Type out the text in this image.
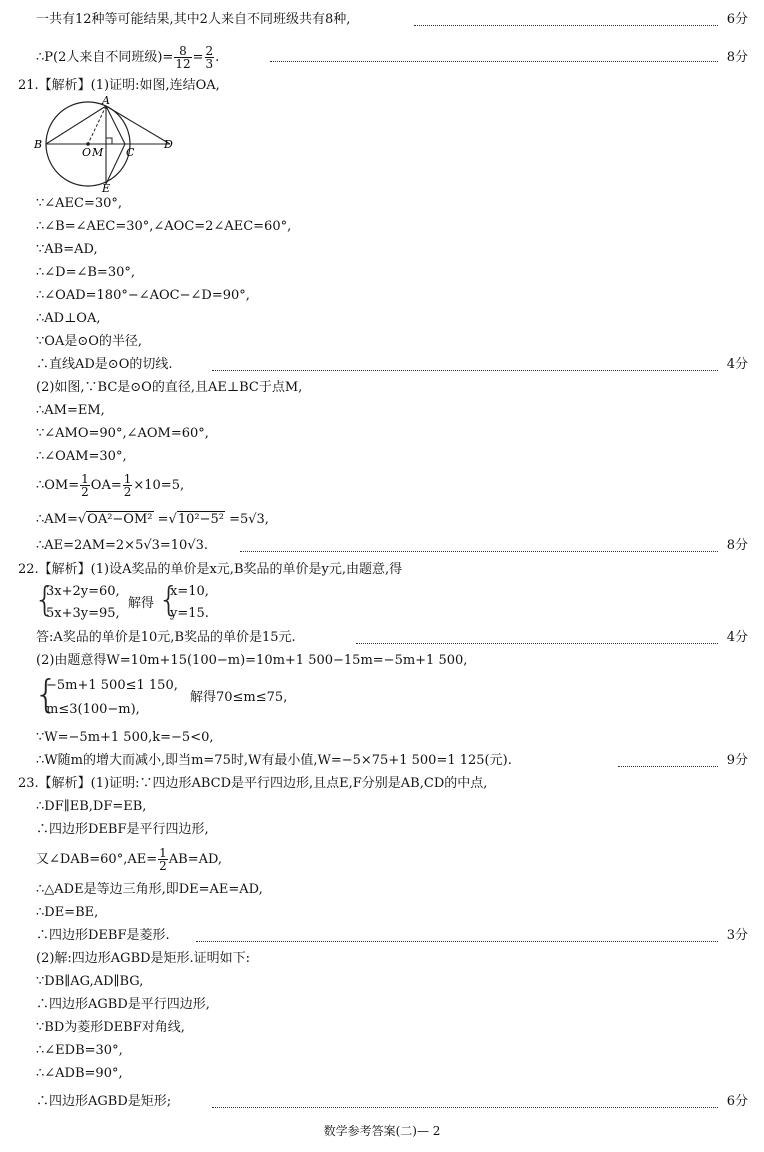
一共有12种等可能结果,其中2人来自不同班级共有8种,	6分
∴P(2人来自不同班级)= $\frac{8}{12} = \frac{2}{3}$ .	8分
21.【解析】(1)证明:如图,连结OA,
A
B
O M C
D
E
∵∠AEC=30°,
∴∠B=∠AEC=30°,∠AOC=2∠AEC=60°,
∵AB=AD,
∴∠D=∠B=30°,
∴∠OAD=180°−∠AOC−∠D=90°,
∴AD⊥OA,
∵OA是⊙O的半径,
∴直线AD是⊙O的切线.	4分
(2)如图,∵BC是⊙O的直径,且AE⊥BC于点M,
∴AM=EM,
∵∠AMO=90°,∠AOM=60°,
∴∠OAM=30°,
∴OM= $\frac{1}{2} OA= \frac{1}{2} \times 10=5$,
∴AM=√OA²−OM² =√10²−5² =5√3,
∴AE=2AM=2×5√3=10√3.	8分
22.【解析】(1)设A奖品的单价是x元,B奖品的单价是y元,由题意,得
{
3x+2y=60,
5x+3y=95,
解得 {
x=10,
y=15.
答:A奖品的单价是10元,B奖品的单价是15元.	4分
(2)由题意得W=10m+15(100−m)=10m+1 500−15m=−5m+1 500,
{
−5m+1 500≤1 150,
m≤3(100−m),
解得70≤m≤75,
∵W=−5m+1 500,k=−5<0,
∴W随m的增大而减小,即当m=75时,W有最小值,W=−5×75+1 500=1 125(元).	9分
23.【解析】(1)证明:∵四边形ABCD是平行四边形,且点E,F分别是AB,CD的中点,
∴DF∥EB,DF=EB,
∴四边形DEBF是平行四边形,
又∠DAB=60°,AE= $\frac{1}{2} AB=AD$,
∴△ADE是等边三角形,即DE=AE=AD,
∴DE=BE,
∴四边形DEBF是菱形.	3分
(2)解:四边形AGBD是矩形.证明如下:
∵DB∥AG,AD∥BG,
∴四边形AGBD是平行四边形,
∵BD为菱形DEBF对角线,
∴∠EDB=30°,
∴∠ADB=90°,
∴四边形AGBD是矩形;	6分
数学参考答案(二)— 2
